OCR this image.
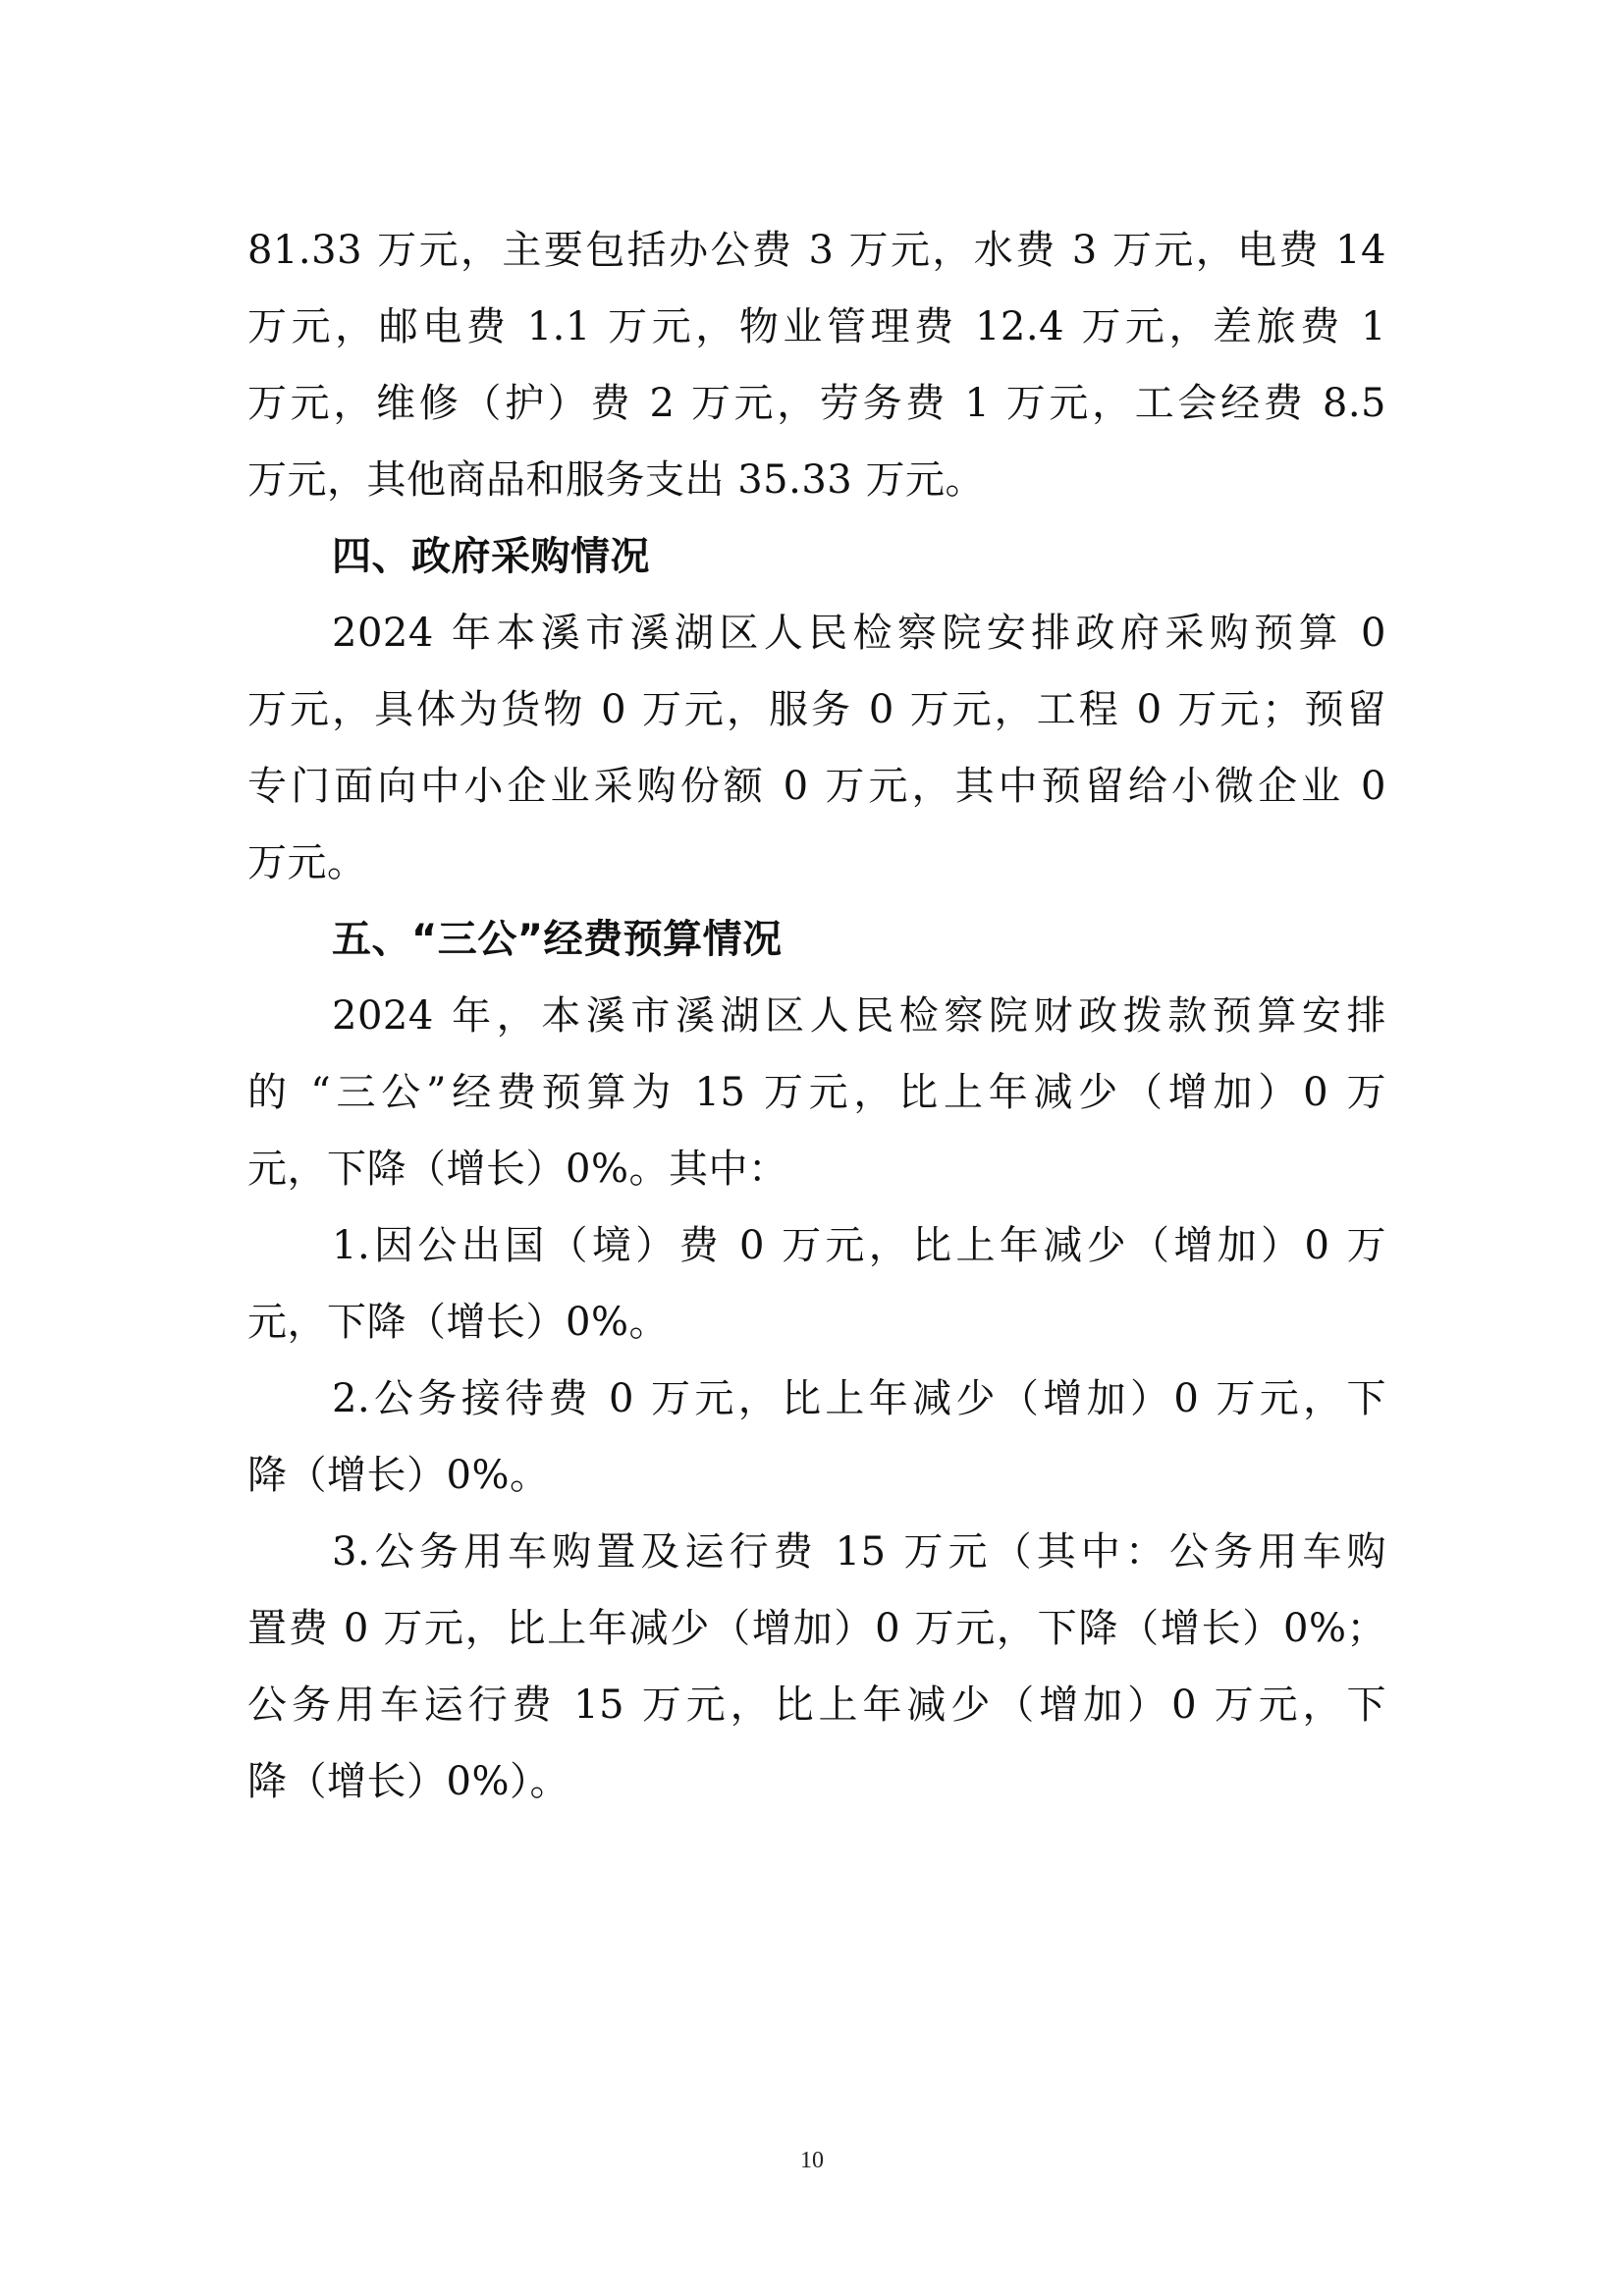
81.33 万元，主要包括办公费 3 万元，水费 3 万元，电费 14
万元，邮电费 1.1 万元，物业管理费 12.4 万元，差旅费 1
万元，维修（护）费 2 万元，劳务费 1 万元，工会经费 8.5
万元，其他商品和服务支出 35.33 万元。
四、政府采购情况
2024 年本溪市溪湖区人民检察院安排政府采购预算 0
万元，具体为货物 0 万元，服务 0 万元，工程 0 万元；预留
专门面向中小企业采购份额 0 万元，其中预留给小微企业 0
万元。
五、“三公”经费预算情况
2024 年，本溪市溪湖区人民检察院财政拨款预算安排
的 “三公”经费预算为 15 万元，比上年减少（增加）0 万
元，下降（增长）0%。其中：
1.因公出国（境）费 0 万元，比上年减少（增加）0 万
元，下降（增长）0%。
2.公务接待费 0 万元，比上年减少（增加）0 万元，下
降（增长）0%。
3.公务用车购置及运行费 15 万元（其中：公务用车购
置费 0 万元，比上年减少（增加）0 万元，下降（增长）0%；
公务用车运行费 15 万元，比上年减少（增加）0 万元，下
降（增长）0%）。
10
